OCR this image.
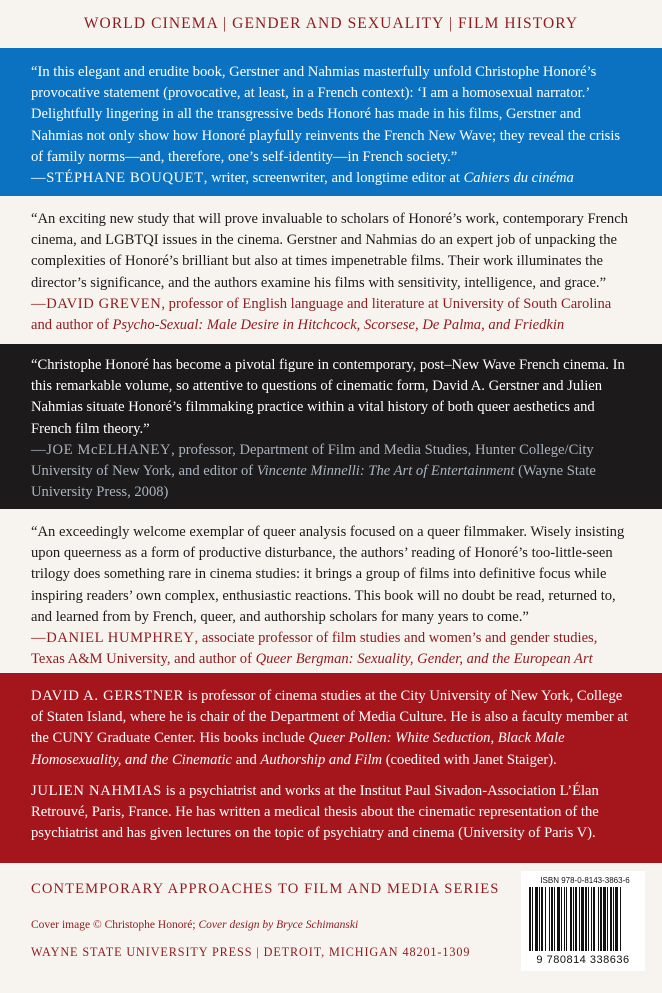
WORLD CINEMA | GENDER AND SEXUALITY | FILM HISTORY

“In this elegant and erudite book, Gerstner and Nahmias masterfully unfold Christophe Honoré’s provocative statement (provocative, at least, in a French context): ‘I am a homosexual narrator.’ Delightfully lingering in all the transgressive beds Honoré has made in his films, Gerstner and Nahmias not only show how Honoré playfully reinvents the French New Wave; they reveal the crisis of family norms—and, therefore, one’s self-identity—in French society.”

—STÉPHANE BOUQUET, writer, screenwriter, and longtime editor at Cahiers du cinéma

“An exciting new study that will prove invaluable to scholars of Honoré’s work, contemporary French cinema, and LGBTQI issues in the cinema. Gerstner and Nahmias do an expert job of unpacking the complexities of Honoré’s brilliant but also at times impenetrable films. Their work illuminates the director’s significance, and the authors examine his films with sensitivity, intelligence, and grace.”

—DAVID GREVEN, professor of English language and literature at University of South Carolina and author of Psycho-Sexual: Male Desire in Hitchcock, Scorsese, De Palma, and Friedkin

“Christophe Honoré has become a pivotal figure in contemporary, post–New Wave French cinema. In this remarkable volume, so attentive to questions of cinematic form, David A. Gerstner and Julien Nahmias situate Honoré’s filmmaking practice within a vital history of both queer aesthetics and French film theory.”

—JOE McELHANEY, professor, Department of Film and Media Studies, Hunter College/City University of New York, and editor of Vincente Minnelli: The Art of Entertainment (Wayne State University Press, 2008)

“An exceedingly welcome exemplar of queer analysis focused on a queer filmmaker. Wisely insisting upon queerness as a form of productive disturbance, the authors’ reading of Honoré’s too-little-seen trilogy does something rare in cinema studies: it brings a group of films into definitive focus while inspiring readers’ own complex, enthusiastic reactions. This book will no doubt be read, returned to, and learned from by French, queer, and authorship scholars for many years to come.”

—DANIEL HUMPHREY, associate professor of film studies and women’s and gender studies, Texas A&M University, and author of Queer Bergman: Sexuality, Gender, and the European Art

DAVID A. GERSTNER is professor of cinema studies at the City University of New York, College of Staten Island, where he is chair of the Department of Media Culture. He is also a faculty member at the CUNY Graduate Center. His books include Queer Pollen: White Seduction, Black Male Homosexuality, and the Cinematic and Authorship and Film (coedited with Janet Staiger).

JULIEN NAHMIAS is a psychiatrist and works at the Institut Paul Sivadon-Association L’Élan Retrouvé, Paris, France. He has written a medical thesis about the cinematic representation of the psychiatrist and has given lectures on the topic of psychiatry and cinema (University of Paris V).

CONTEMPORARY APPROACHES TO FILM AND MEDIA SERIES
Cover image © Christophe Honoré; Cover design by Bryce Schimanski
WAYNE STATE UNIVERSITY PRESS | DETROIT, MICHIGAN 48201-1309
ISBN 978-0-8143-3863-6
9 780814 338636
